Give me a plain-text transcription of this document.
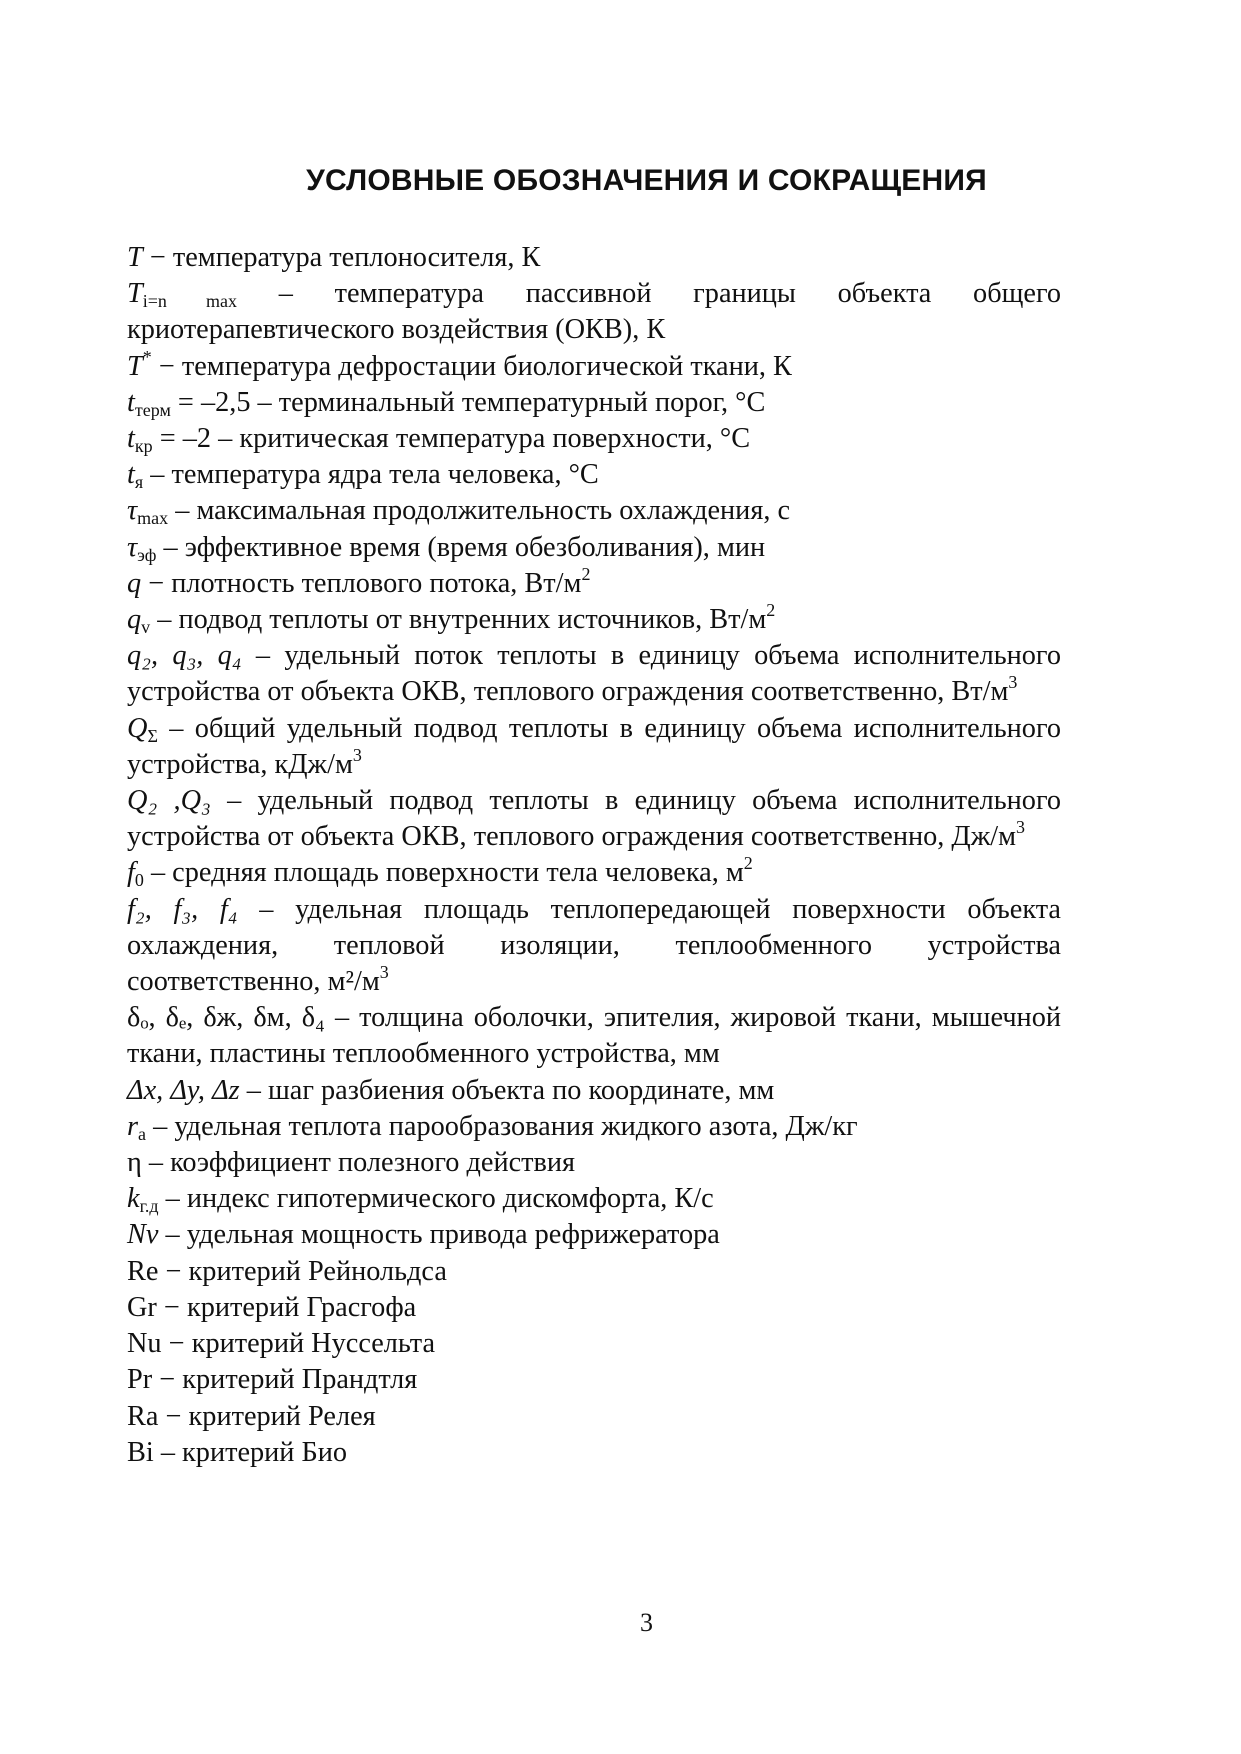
УСЛОВНЫЕ ОБОЗНАЧЕНИЯ И СОКРАЩЕНИЯ
T − температура теплоносителя, К
$T_{i=n max}$ – температура пассивной границы объекта общего криотерапевтического воздействия (ОКВ), К
T* − температура дефростации биологической ткани, К
$t_{терм} = -2,5$ – терминальный температурный порог, °С
$t_{кр} = -2$ – критическая температура поверхности, °С
$t_я$ – температура ядра тела человека, °С
$\tau_{max}$ – максимальная продолжительность охлаждения, с
$\tau_{эф}$ – эффективное время (время обезболивания), мин
q − плотность теплового потока, $Вт/м^2$
$q_v$ – подвод теплоты от внутренних источников, $Вт/м^2$
q₂, q₃, q₄ – удельный поток теплоты в единицу объема исполнительного устройства от объекта ОКВ, теплового ограждения соответственно, $Вт/м^3$
$Q_\Sigma$ – общий удельный подвод теплоты в единицу объема исполнительного устройства, кДж/$м^3$
Q₂ ,Q₃ – удельный подвод теплоты в единицу объема исполнительного устройства от объекта ОКВ, теплового ограждения соответственно, $Дж/м^3$
$f_0$ – средняя площадь поверхности тела человека, $м^2$
f₂, f₃, f₄ – удельная площадь теплопередающей поверхности объекта охлаждения, тепловой изоляции, теплообменного устройства соответственно, $м^2/м^3$
δₒ, δₑ, δж, δм, δ₄ – толщина оболочки, эпителия, жировой ткани, мышечной ткани, пластины теплообменного устройства, мм
Δx, Δy, Δz – шаг разбиения объекта по координате, мм
$r_а$ – удельная теплота парообразования жидкого азота, Дж/кг
η – коэффициент полезного действия
$k_{г.д}$ – индекс гипотермического дискомфорта, К/с
Nv – удельная мощность привода рефрижератора
Re − критерий Рейнольдса
Gr − критерий Грасгофа
Nu − критерий Нуссельта
Pr − критерий Прандтля
Ra − критерий Релея
Bi – критерий Био
3
